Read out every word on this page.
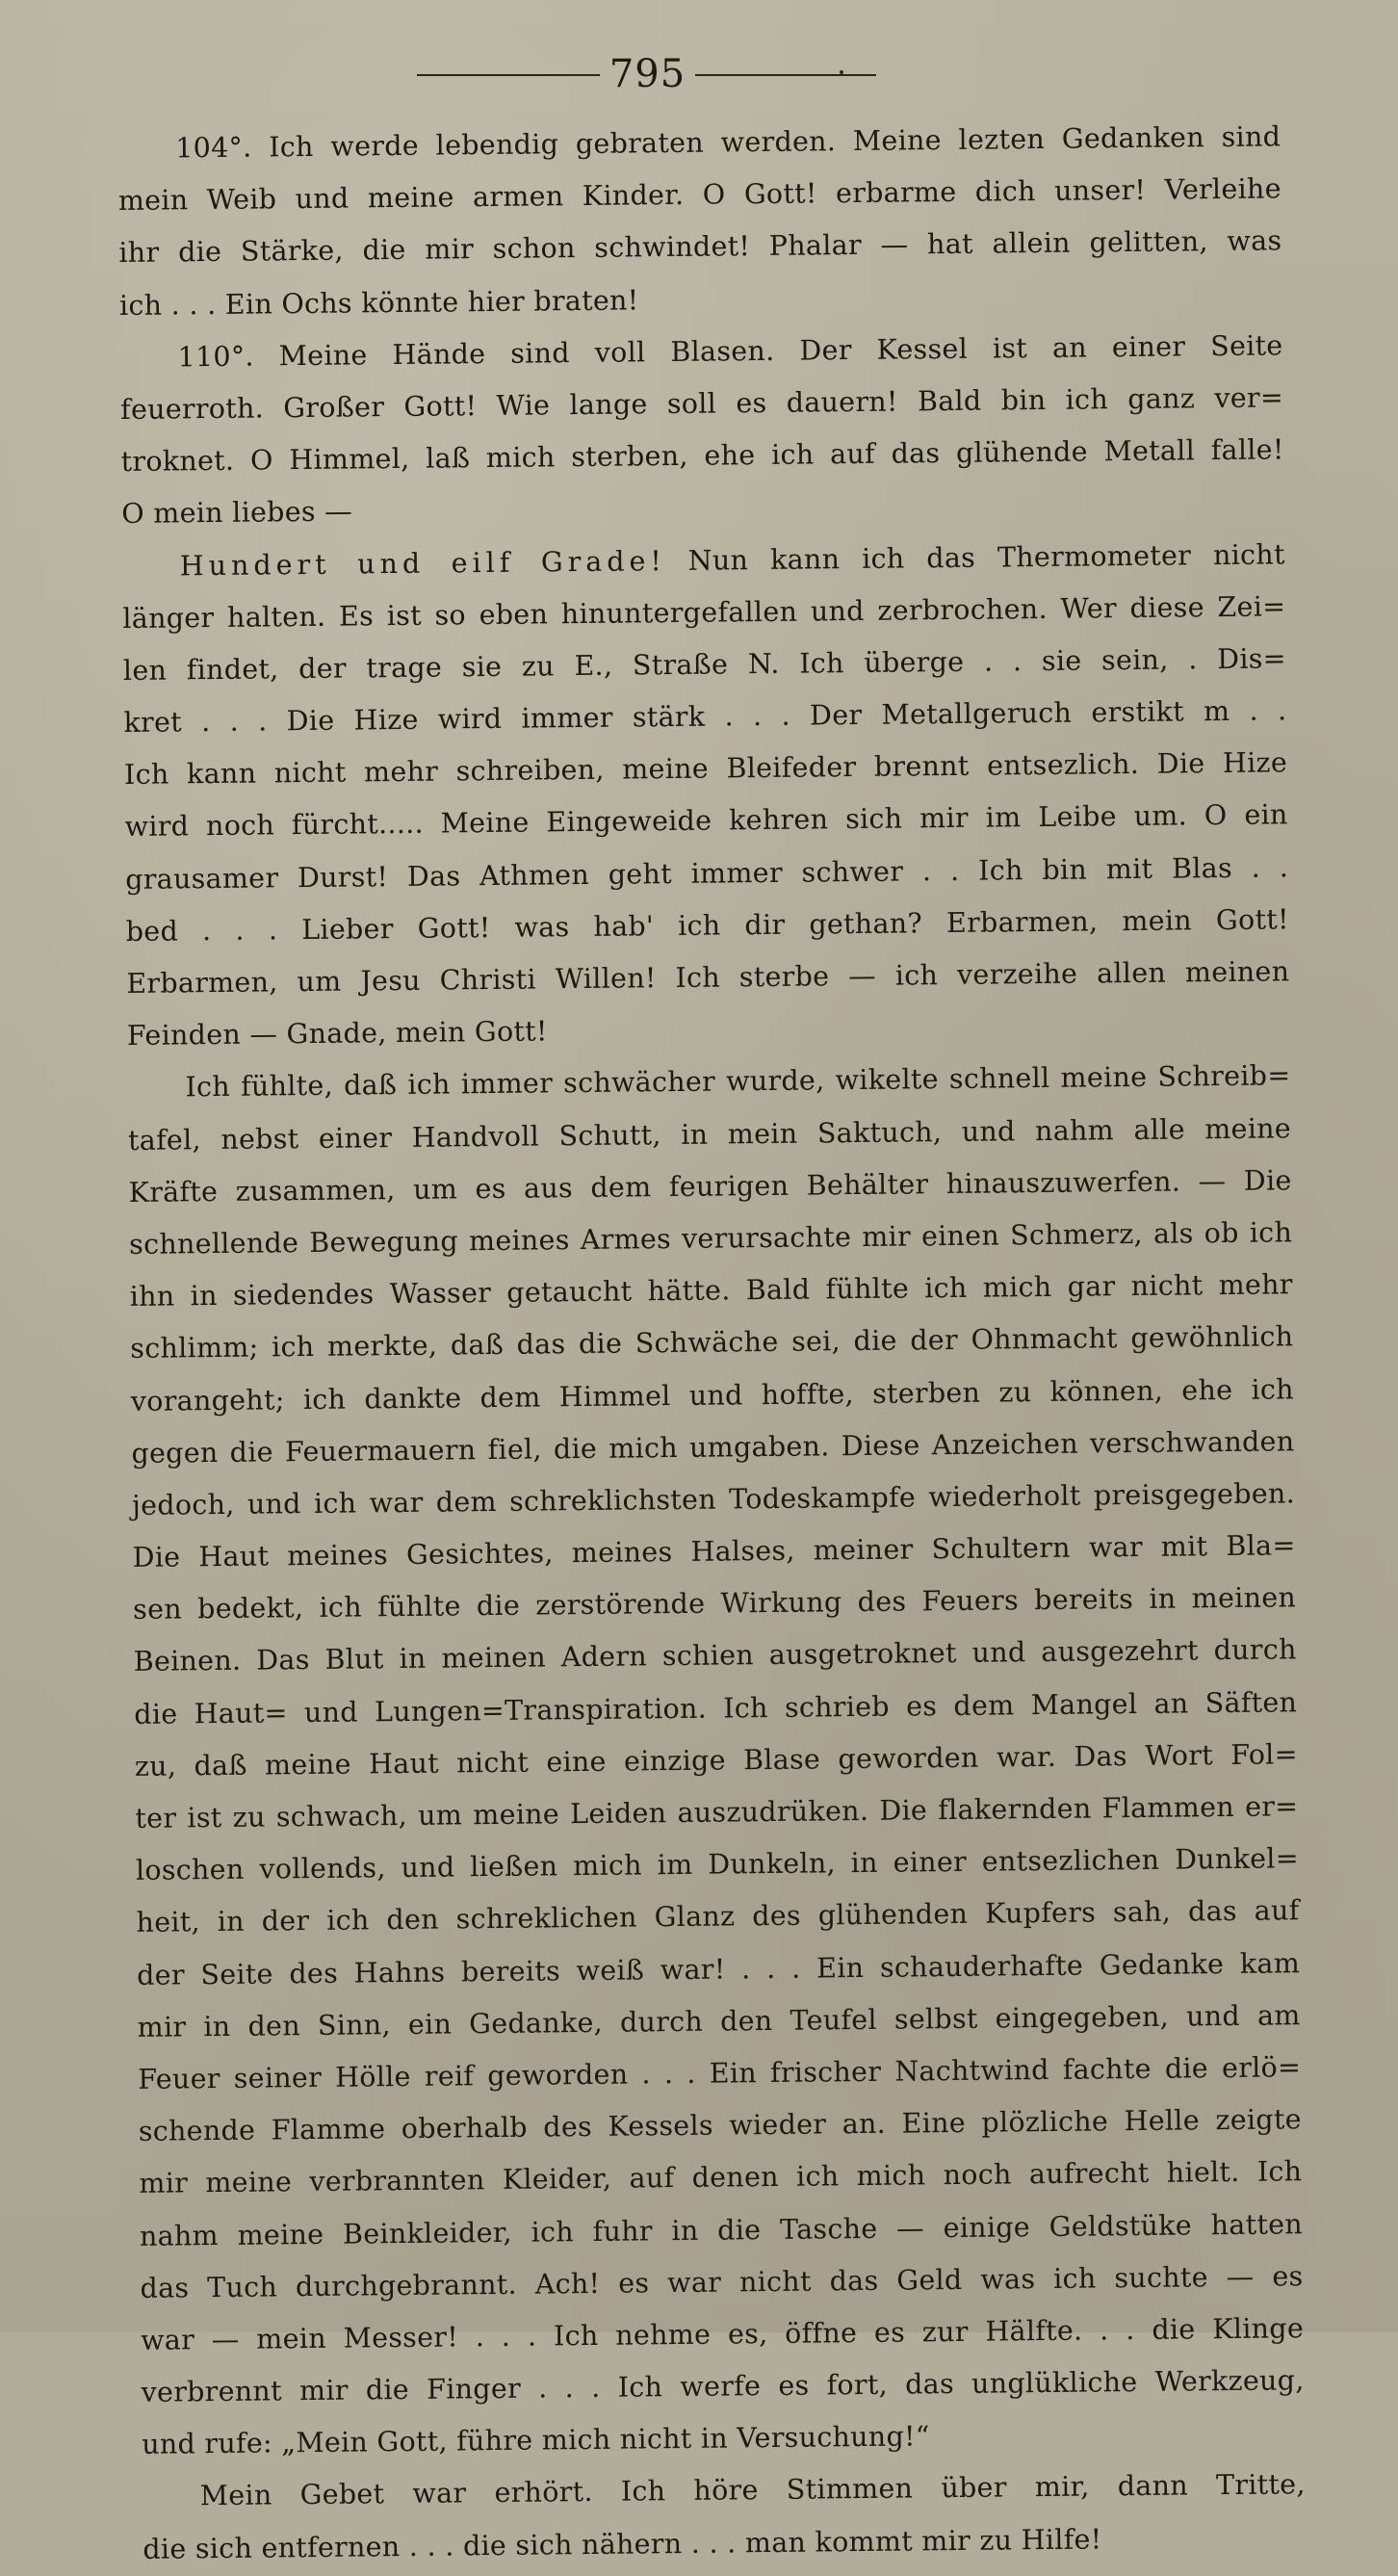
795
104°. Ich werde lebendig gebraten werden. Meine lezten Gedanken sind
mein Weib und meine armen Kinder. O Gott! erbarme dich unser! Verleihe
ihr die Stärke, die mir schon schwindet! Phalar — hat allein gelitten, was
ich . . . Ein Ochs könnte hier braten!
110°. Meine Hände sind voll Blasen. Der Kessel ist an einer Seite
feuerroth. Großer Gott! Wie lange soll es dauern! Bald bin ich ganz ver=
troknet. O Himmel, laß mich sterben, ehe ich auf das glühende Metall falle!
O mein liebes —
Hundert und eilf Grade! Nun kann ich das Thermometer nicht
länger halten. Es ist so eben hinuntergefallen und zerbrochen. Wer diese Zei=
len findet, der trage sie zu E., Straße N. Ich überge . . sie sein, . Dis=
kret . . . Die Hize wird immer stärk . . . Der Metallgeruch erstikt m . .
Ich kann nicht mehr schreiben, meine Bleifeder brennt entsezlich. Die Hize
wird noch fürcht..... Meine Eingeweide kehren sich mir im Leibe um. O ein
grausamer Durst! Das Athmen geht immer schwer . . Ich bin mit Blas . .
bed . . . Lieber Gott! was hab' ich dir gethan? Erbarmen, mein Gott!
Erbarmen, um Jesu Christi Willen! Ich sterbe — ich verzeihe allen meinen
Feinden — Gnade, mein Gott!
Ich fühlte, daß ich immer schwächer wurde, wikelte schnell meine Schreib=
tafel, nebst einer Handvoll Schutt, in mein Saktuch, und nahm alle meine
Kräfte zusammen, um es aus dem feurigen Behälter hinauszuwerfen. — Die
schnellende Bewegung meines Armes verursachte mir einen Schmerz, als ob ich
ihn in siedendes Wasser getaucht hätte. Bald fühlte ich mich gar nicht mehr
schlimm; ich merkte, daß das die Schwäche sei, die der Ohnmacht gewöhnlich
vorangeht; ich dankte dem Himmel und hoffte, sterben zu können, ehe ich
gegen die Feuermauern fiel, die mich umgaben. Diese Anzeichen verschwanden
jedoch, und ich war dem schreklichsten Todeskampfe wiederholt preisgegeben.
Die Haut meines Gesichtes, meines Halses, meiner Schultern war mit Bla=
sen bedekt, ich fühlte die zerstörende Wirkung des Feuers bereits in meinen
Beinen. Das Blut in meinen Adern schien ausgetroknet und ausgezehrt durch
die Haut= und Lungen=Transpiration. Ich schrieb es dem Mangel an Säften
zu, daß meine Haut nicht eine einzige Blase geworden war. Das Wort Fol=
ter ist zu schwach, um meine Leiden auszudrüken. Die flakernden Flammen er=
loschen vollends, und ließen mich im Dunkeln, in einer entsezlichen Dunkel=
heit, in der ich den schreklichen Glanz des glühenden Kupfers sah, das auf
der Seite des Hahns bereits weiß war! . . . Ein schauderhafte Gedanke kam
mir in den Sinn, ein Gedanke, durch den Teufel selbst eingegeben, und am
Feuer seiner Hölle reif geworden . . . Ein frischer Nachtwind fachte die erlö=
schende Flamme oberhalb des Kessels wieder an. Eine plözliche Helle zeigte
mir meine verbrannten Kleider, auf denen ich mich noch aufrecht hielt. Ich
nahm meine Beinkleider, ich fuhr in die Tasche — einige Geldstüke hatten
das Tuch durchgebrannt. Ach! es war nicht das Geld was ich suchte — es
war — mein Messer! . . . Ich nehme es, öffne es zur Hälfte. . . die Klinge
verbrennt mir die Finger . . . Ich werfe es fort, das unglükliche Werkzeug,
und rufe: „Mein Gott, führe mich nicht in Versuchung!“
Mein Gebet war erhört. Ich höre Stimmen über mir, dann Tritte,
die sich entfernen . . . die sich nähern . . . man kommt mir zu Hilfe!
